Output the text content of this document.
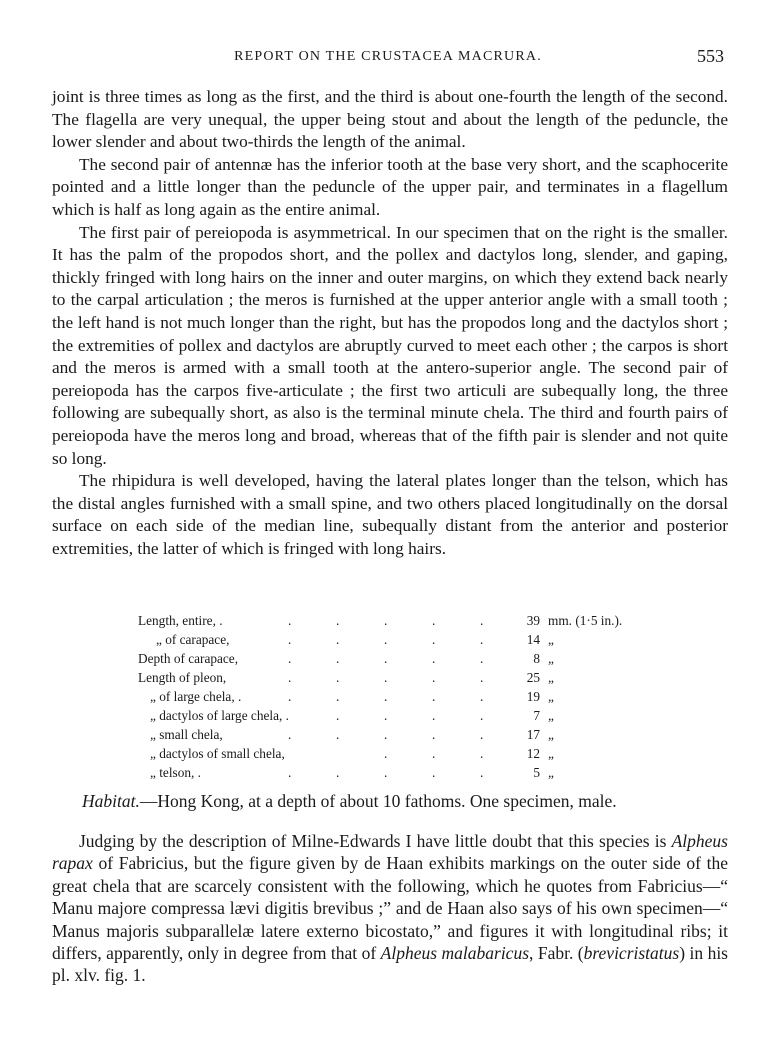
REPORT ON THE CRUSTACEA MACRURA.	553

joint is three times as long as the first, and the third is about one-fourth the length of the second. The flagella are very unequal, the upper being stout and about the length of the peduncle, the lower slender and about two-thirds the length of the animal.

The second pair of antennæ has the inferior tooth at the base very short, and the scaphocerite pointed and a little longer than the peduncle of the upper pair, and terminates in a flagellum which is half as long again as the entire animal.

The first pair of pereiopoda is asymmetrical. In our specimen that on the right is the smaller. It has the palm of the propodos short, and the pollex and dactylos long, slender, and gaping, thickly fringed with long hairs on the inner and outer margins, on which they extend back nearly to the carpal articulation ; the meros is furnished at the upper anterior angle with a small tooth ; the left hand is not much longer than the right, but has the propodos long and the dactylos short ; the extremities of pollex and dactylos are abruptly curved to meet each other ; the carpos is short and the meros is armed with a small tooth at the antero-superior angle. The second pair of pereiopoda has the carpos five-articulate ; the first two articuli are subequally long, the three following are subequally short, as also is the terminal minute chela. The third and fourth pairs of pereiopoda have the meros long and broad, whereas that of the fifth pair is slender and not quite so long.

The rhipidura is well developed, having the lateral plates longer than the telson, which has the distal angles furnished with a small spine, and two others placed longitudinally on the dorsal surface on each side of the median line, subequally distant from the anterior and posterior extremities, the latter of which is fringed with long hairs.

Length, entire, .	.	.	.	.	.	39 mm. (1·5 in.).
„ of carapace,	.	.	.	.	.	14 „
Depth of carapace,	.	.	.	.	.	8 „
Length of pleon,	.	.	.	.	.	25 „
„ of large chela, .	.	.	.	.	.	19 „
„ dactylos of large chela, .	.	.	.	.	7 „
„ small chela,	.	.	.	.	.	17 „
„ dactylos of small chela,	.	.	.	12 „
„ telson, .	.	.	.	.	.	5 „
Habitat.—Hong Kong, at a depth of about 10 fathoms. One specimen, male.

Judging by the description of Milne-Edwards I have little doubt that this species is Alpheus rapax of Fabricius, but the figure given by de Haan exhibits markings on the outer side of the great chela that are scarcely consistent with the following, which he quotes from Fabricius—“ Manu majore compressa lævi digitis brevibus ;” and de Haan also says of his own specimen—“ Manus majoris subparallelæ latere externo bicostato,” and figures it with longitudinal ribs; it differs, apparently, only in degree from that of Alpheus malabaricus, Fabr. (brevicristatus) in his pl. xlv. fig. 1.
